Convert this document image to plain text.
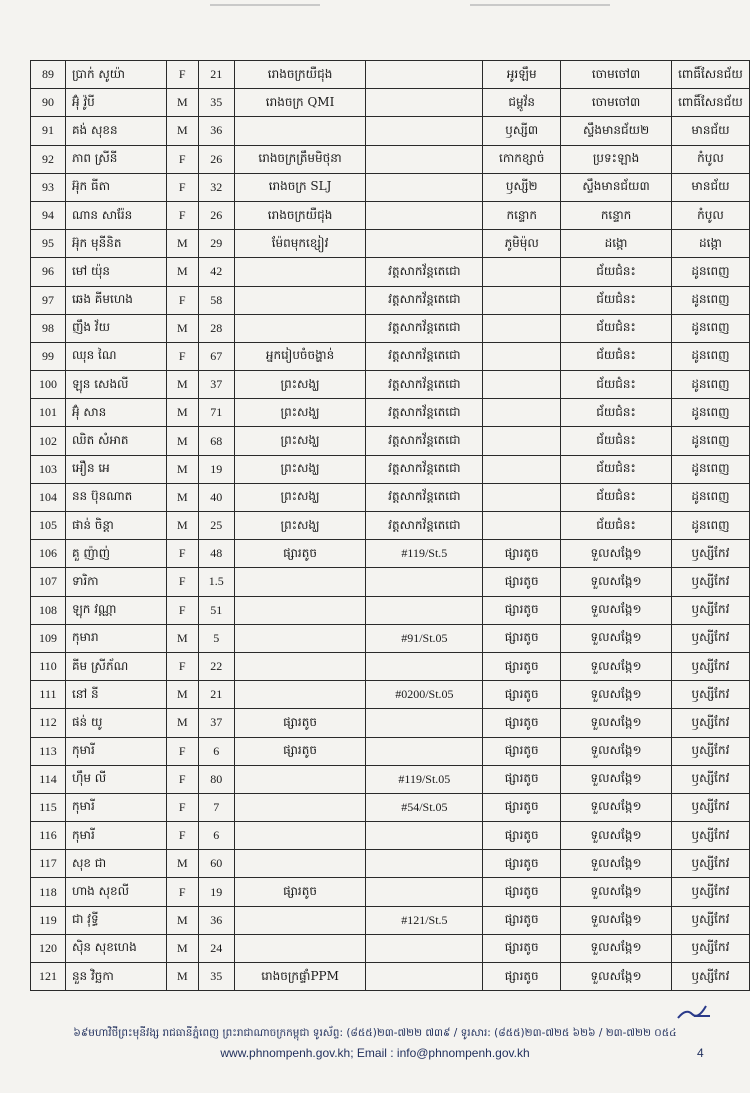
89	ប្រាក់ សូយ៉ា	F	21	រោងចក្រយឺជុង		អូរឡឹម	ចោមចៅ៣	ពោធិ៍សែនជ័យ
90	អ៊ុំ វ៉ូបី	M	35	រោងចក្រ QMI		ជម្ពូវ័ន	ចោមចៅ៣	ពោធិ៍សែនជ័យ
91	គង់ សុខន	M	36			ឫស្សី៣	ស្ទឹងមានជ័យ២	មានជ័យ
92	ភាព ស្រីនី	F	26	រោងចក្រត្រឹមមិថុនា		កោកខ្សាច់	ប្រទះឡាង	កំបូល
93	អ៊ុក ធីតា	F	32	រោងចក្រ SLJ		ឫស្សី២	ស្ទឹងមានជ័យ៣	មានជ័យ
94	ណាន សារ៉ែន	F	26	រោងចក្រយឺជុង		កន្ទោក	កន្ទោក	កំបូល
95	អ៊ុក មុនីនិត	M	29	ម៉ែពមុកខ្សៀវ		ភូមិម៉ុល	ដង្កោ	ដង្កោ
96	មៅ យ៉ុន	M	42		វត្តសាកវ័ន្តតេជោ		ជ័យជំនះ	ដូនពេញ
97	ឆេង គីមហេង	F	58		វត្តសាកវ័ន្តតេជោ		ជ័យជំនះ	ដូនពេញ
98	ញឹង វ័យ	M	28		វត្តសាកវ័ន្តតេជោ		ជ័យជំនះ	ដូនពេញ
99	ឈុន ណៃ	F	67	អ្នករៀបចំចង្ហាន់	វត្តសាកវ័ន្តតេជោ		ជ័យជំនះ	ដូនពេញ
100	ឡុន សេងលី	M	37	ព្រះសង្ឃ	វត្តសាកវ័ន្តតេជោ		ជ័យជំនះ	ដូនពេញ
101	អ៊ុំ សាន	M	71	ព្រះសង្ឃ	វត្តសាកវ័ន្តតេជោ		ជ័យជំនះ	ដូនពេញ
102	ឈិត សំអាត	M	68	ព្រះសង្ឃ	វត្តសាកវ័ន្តតេជោ		ជ័យជំនះ	ដូនពេញ
103	អឿន អេ	M	19	ព្រះសង្ឃ	វត្តសាកវ័ន្តតេជោ		ជ័យជំនះ	ដូនពេញ
104	នន ប៊ុនណាត	M	40	ព្រះសង្ឃ	វត្តសាកវ័ន្តតេជោ		ជ័យជំនះ	ដូនពេញ
105	ផាន់ ចិន្តា	M	25	ព្រះសង្ឃ	វត្តសាកវ័ន្តតេជោ		ជ័យជំនះ	ដូនពេញ
106	គួ ញ៉ាញ់	F	48	ផ្សារតូច	#119/St.5	ផ្សារតូច	ទួលសង្កែ១	ឫស្សីកែវ
107	ទារិកា	F	1.5			ផ្សារតូច	ទួលសង្កែ១	ឫស្សីកែវ
108	ឡុក វណ្ណា	F	51			ផ្សារតូច	ទួលសង្កែ១	ឫស្សីកែវ
109	កុមារា	M	5		#91/St.05	ផ្សារតូច	ទួលសង្កែ១	ឫស្សីកែវ
110	គីម ស្រីភ័ណ	F	22			ផ្សារតូច	ទួលសង្កែ១	ឫស្សីកែវ
111	នៅ នី	M	21		#0200/St.05	ផ្សារតូច	ទួលសង្កែ១	ឫស្សីកែវ
112	ផន់ យូ	M	37	ផ្សារតូច		ផ្សារតូច	ទួលសង្កែ១	ឫស្សីកែវ
113	កុមារី	F	6	ផ្សារតូច		ផ្សារតូច	ទួលសង្កែ១	ឫស្សីកែវ
114	ហ៊ឹម លី	F	80		#119/St.05	ផ្សារតូច	ទួលសង្កែ១	ឫស្សីកែវ
115	កុមារី	F	7		#54/St.05	ផ្សារតូច	ទួលសង្កែ១	ឫស្សីកែវ
116	កុមារី	F	6			ផ្សារតូច	ទួលសង្កែ១	ឫស្សីកែវ
117	សុខ ជា	M	60			ផ្សារតូច	ទួលសង្កែ១	ឫស្សីកែវ
118	ហាង សុខលី	F	19	ផ្សារតូច		ផ្សារតូច	ទួលសង្កែ១	ឫស្សីកែវ
119	ជា វុទ្ធី	M	36		#121/St.5	ផ្សារតូច	ទួលសង្កែ១	ឫស្សីកែវ
120	ស៊ិន សុខហេង	M	24			ផ្សារតូច	ទួលសង្កែ១	ឫស្សីកែវ
121	នួន វិច្ឆកា	M	35	រោងចក្រផ្ទាំPPM		ផ្សារតូច	ទួលសង្កែ១	ឫស្សីកែវ
៦៩មហាវិថីព្រះមុនីវង្ស រាជធានីភ្នំពេញ ព្រះរាជាណាចក្រកម្ពុជា ទូរស័ព្ទ: (៨៥៥)២៣-៧២២ ៧៣៩ / ទូរសារ: (៨៥៥)២៣-៧២៥ ៦២៦ / ២៣-៧២២ ០៥៤
www.phnompenh.gov.kh; Email : info@phnompenh.gov.kh	4
